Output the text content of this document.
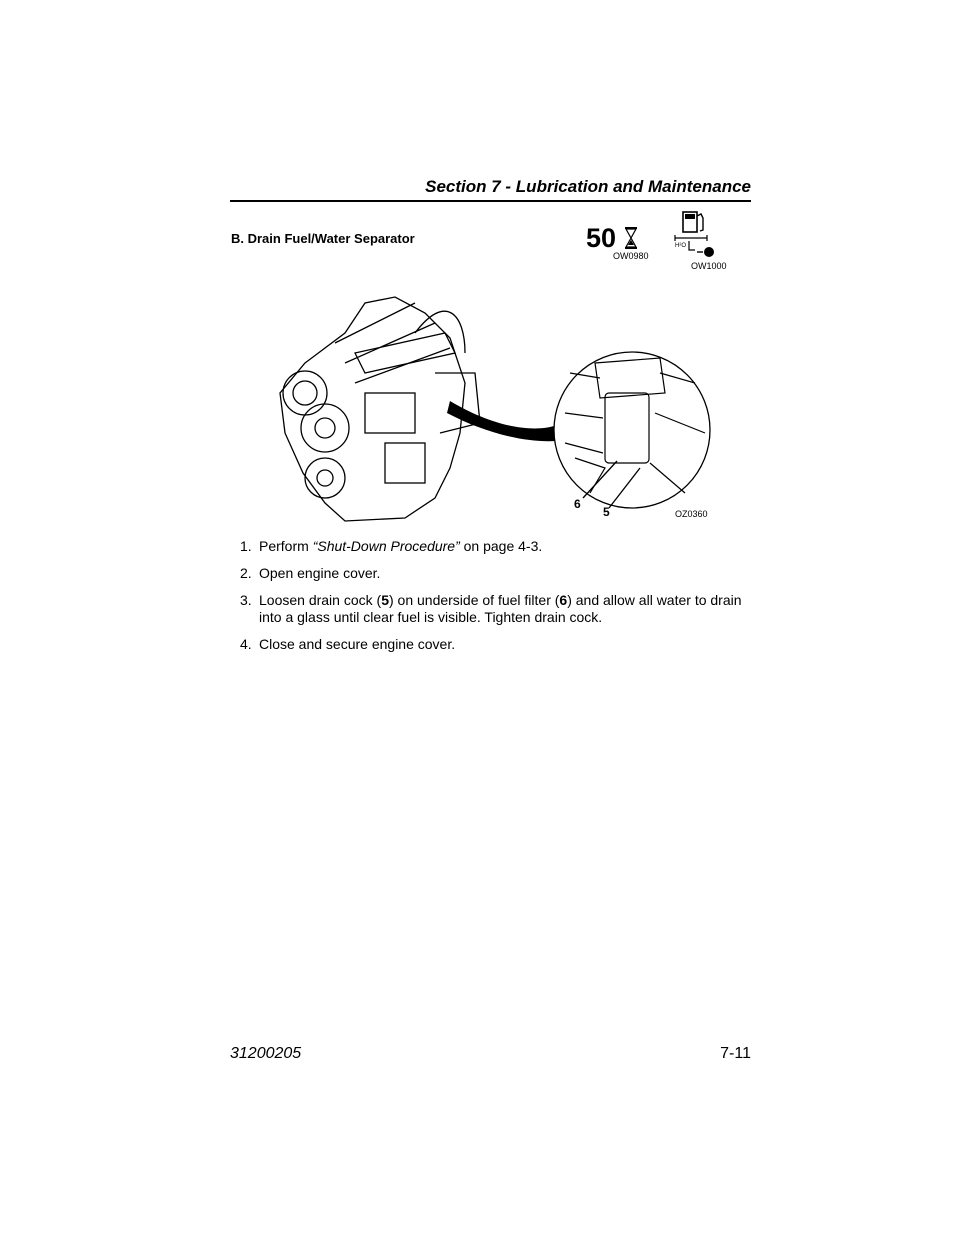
Section 7 - Lubrication and Maintenance
B. Drain Fuel/Water Separator	50
OW0980
D
H²O
OW1000
6
5	OZ0360
1. Perform “Shut-Down Procedure” on page 4-3.
2. Open engine cover.
3. Loosen drain cock (5) on underside of fuel filter (6) and allow all water to drain into a glass until clear fuel is visible. Tighten drain cock.
4. Close and secure engine cover.
31200205	7-11
